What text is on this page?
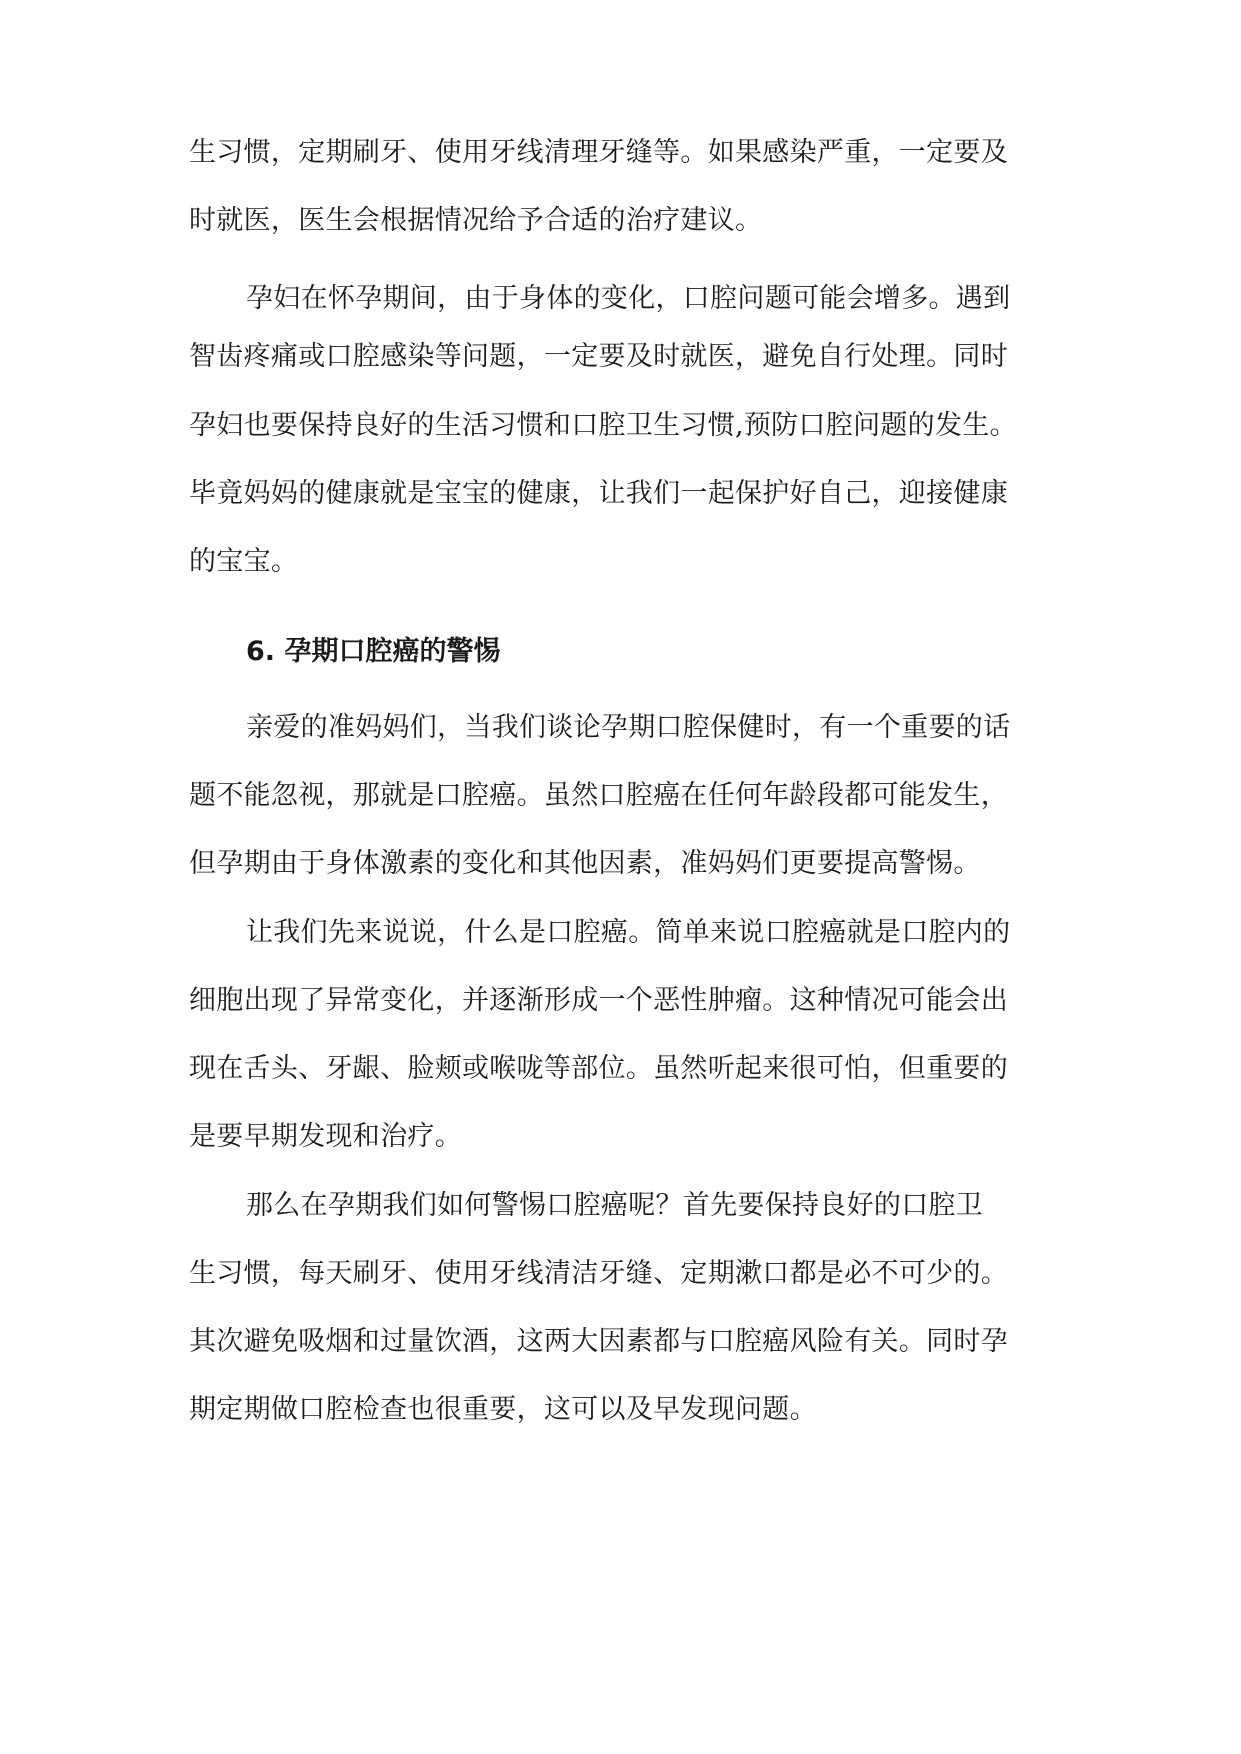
生习惯，定期刷牙、使用牙线清理牙缝等。如果感染严重，一定要及
时就医，医生会根据情况给予合适的治疗建议。
孕妇在怀孕期间，由于身体的变化，口腔问题可能会增多。遇到
智齿疼痛或口腔感染等问题，一定要及时就医，避免自行处理。同时
孕妇也要保持良好的生活习惯和口腔卫生习惯,预防口腔问题的发生。
毕竟妈妈的健康就是宝宝的健康，让我们一起保护好自己，迎接健康
的宝宝。
6. 孕期口腔癌的警惕
亲爱的准妈妈们，当我们谈论孕期口腔保健时，有一个重要的话
题不能忽视，那就是口腔癌。虽然口腔癌在任何年龄段都可能发生，
但孕期由于身体激素的变化和其他因素，准妈妈们更要提高警惕。
让我们先来说说，什么是口腔癌。简单来说口腔癌就是口腔内的
细胞出现了异常变化，并逐渐形成一个恶性肿瘤。这种情况可能会出
现在舌头、牙龈、脸颊或喉咙等部位。虽然听起来很可怕，但重要的
是要早期发现和治疗。
那么在孕期我们如何警惕口腔癌呢？首先要保持良好的口腔卫
生习惯，每天刷牙、使用牙线清洁牙缝、定期漱口都是必不可少的。
其次避免吸烟和过量饮酒，这两大因素都与口腔癌风险有关。同时孕
期定期做口腔检查也很重要，这可以及早发现问题。
